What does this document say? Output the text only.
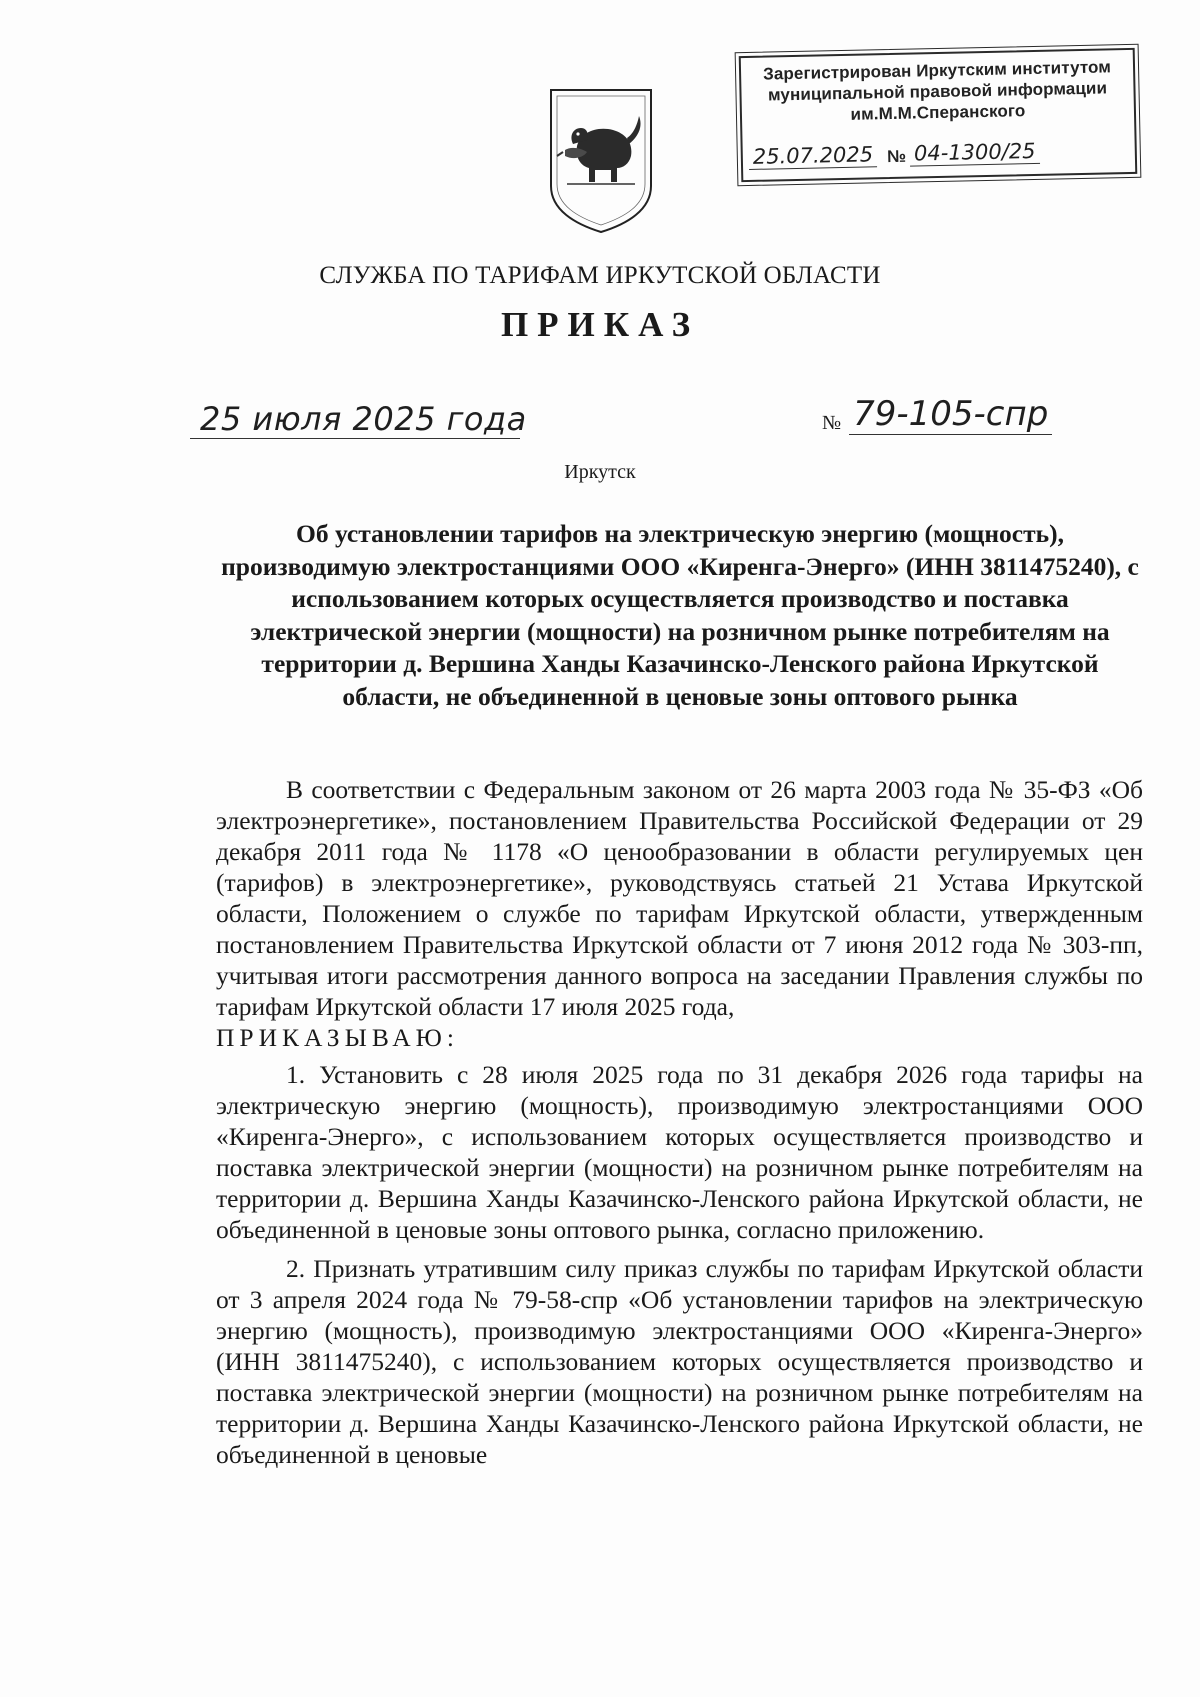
Зарегистрирован Иркутским институтом
муниципальной правовой информации
им.М.М.Сперанского
25.07.2025 № 04-1300/25
СЛУЖБА ПО ТАРИФАМ ИРКУТСКОЙ ОБЛАСТИ
ПРИКАЗ
25 июля 2025 года	№ 79-105-спр
Иркутск
Об установлении тарифов на электрическую энергию (мощность), производимую электростанциями ООО «Киренга-Энерго» (ИНН 3811475240), с использованием которых осуществляется производство и поставка электрической энергии (мощности) на розничном рынке потребителям на территории д. Вершина Ханды Казачинско-Ленского района Иркутской области, не объединенной в ценовые зоны оптового рынка

В соответствии с Федеральным законом от 26 марта 2003 года № 35-ФЗ «Об электроэнергетике», постановлением Правительства Российской Федерации от 29 декабря 2011 года № 1178 «О ценообразовании в области регулируемых цен (тарифов) в электроэнергетике», руководствуясь статьей 21 Устава Иркутской области, Положением о службе по тарифам Иркутской области, утвержденным постановлением Правительства Иркутской области от 7 июня 2012 года № 303-пп, учитывая итоги рассмотрения данного вопроса на заседании Правления службы по тарифам Иркутской области 17 июля 2025 года,

ПРИКАЗЫВАЮ:

1. Установить с 28 июля 2025 года по 31 декабря 2026 года тарифы на электрическую энергию (мощность), производимую электростанциями ООО «Киренга-Энерго», с использованием которых осуществляется производство и поставка электрической энергии (мощности) на розничном рынке потребителям на территории д. Вершина Ханды Казачинско-Ленского района Иркутской области, не объединенной в ценовые зоны оптового рынка, согласно приложению.

2. Признать утратившим силу приказ службы по тарифам Иркутской области от 3 апреля 2024 года № 79-58-спр «Об установлении тарифов на электрическую энергию (мощность), производимую электростанциями ООО «Киренга-Энерго» (ИНН 3811475240), с использованием которых осуществляется производство и поставка электрической энергии (мощности) на розничном рынке потребителям на территории д. Вершина Ханды Казачинско-Ленского района Иркутской области, не объединенной в ценовые
